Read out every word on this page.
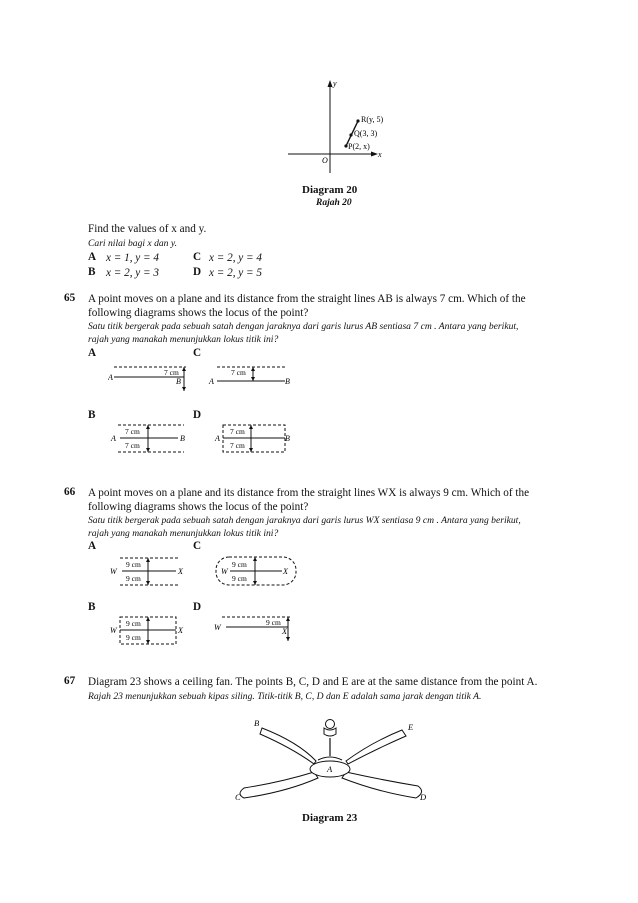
y
x
O
R(y, 5)
Q(3, 3)
P(2, x)
Diagram 20
Rajah 20
Find the values of x and y.
Cari nilai bagi x dan y.
A x = 1, y = 4	C x = 2, y = 4
B x = 2, y = 3	D x = 2, y = 5
65 A point moves on a plane and its distance from the straight lines AB is always 7 cm. Which of the
following diagrams shows the locus of the point?
Satu titik bergerak pada sebuah satah dengan jaraknya dari garis lurus AB sentiasa 7 cm . Antara yang berikut,
rajah yang manakah menunjukkan lokus titik ini?
A	C
7 cm
A	B
7 cm
A	B
B	D
7 cm
7 cm
A	B
7 cm
7 cm
A	B
66 A point moves on a plane and its distance from the straight lines WX is always 9 cm. Which of the
following diagrams shows the locus of the point?
Satu titik bergerak pada sebuah satah dengan jaraknya dari garis lurus WX sentiasa 9 cm . Antara yang berikut,
rajah yang manakah menunjukkan lokus titik ini?
A	C
9 cm
9 cm
W	X
9 cm
9 cm
W	X
B	D
9 cm
9 cm
W	X
9 cm
W	X
67 Diagram 23 shows a ceiling fan. The points B, C, D and E are at the same distance from the point A.
Rajah 23 menunjukkan sebuah kipas siling. Titik-titik B, C, D dan E adalah sama jarak dengan titik A.
A
B	E
C	D
Diagram 23
